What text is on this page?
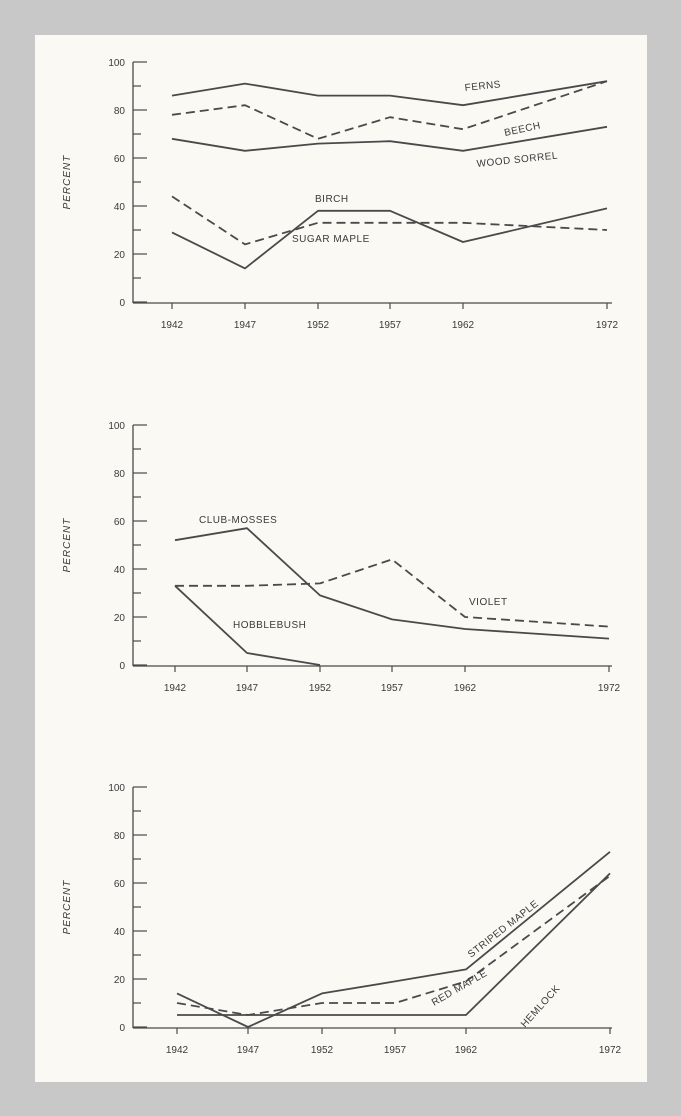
0
20
40
60
80
100
1942	1947	1952	1957	1962	1972
PERCENT
FERNS
BEECH
WOOD SORREL
BIRCH
SUGAR MAPLE
0
20
40
60
80
100
1942	1947	1952	1957	1962	1972
PERCENT	CLUB-MOSSES
VIOLET
HOBBLEBUSH
0
20
40
60
80
100
1942	1947	1952	1957	1962	1972
PERCENT	STRIPED MAPLE
RED MAPLE	HEMLOCK
